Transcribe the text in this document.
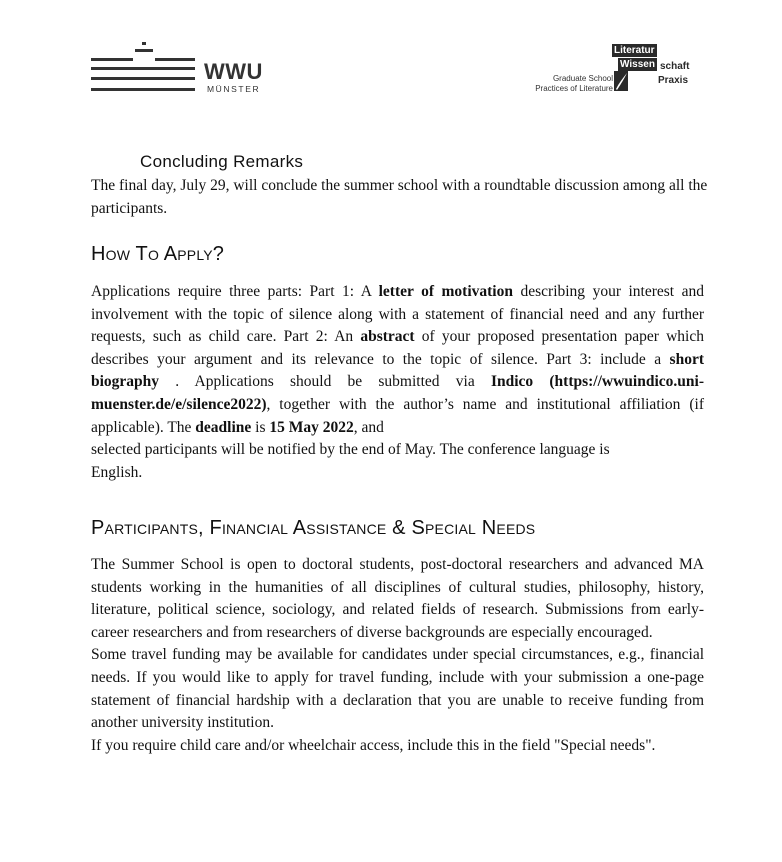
WWU
MÜNSTER
Graduate School
Practices of Literature
Literatur
Wissen schaft
Praxis
Concluding Remarks
The final day, July 29, will conclude the summer school with a roundtable discussion among all the participants.
How To Apply?
Applications require three parts: Part 1: A letter of motivation describing your interest and involvement with the topic of silence along with a statement of financial need and any further requests, such as child care. Part 2: An abstract of your proposed presentation paper which describes your argument and its relevance to the topic of silence. Part 3: include a short biography . Applications should be submitted via Indico (https://wwuindico.uni-muenster.de/e/silence2022), together with the author’s name and institutional affiliation (if applicable). The deadline is 15 May 2022, and
selected participants will be notified by the end of May. The conference language is
English.
Participants, Financial Assistance & Special Needs
The Summer School is open to doctoral students, post-doctoral researchers and advanced MA students working in the humanities of all disciplines of cultural studies, philosophy, history, literature, political science, sociology, and related fields of research. Submissions from early-career researchers and from researchers of diverse backgrounds are especially encouraged.
Some travel funding may be available for candidates under special circumstances, e.g., financial needs. If you would like to apply for travel funding, include with your submission a one-page statement of financial hardship with a declaration that you are unable to receive funding from another university institution.
If you require child care and/or wheelchair access, include this in the field "Special needs".
